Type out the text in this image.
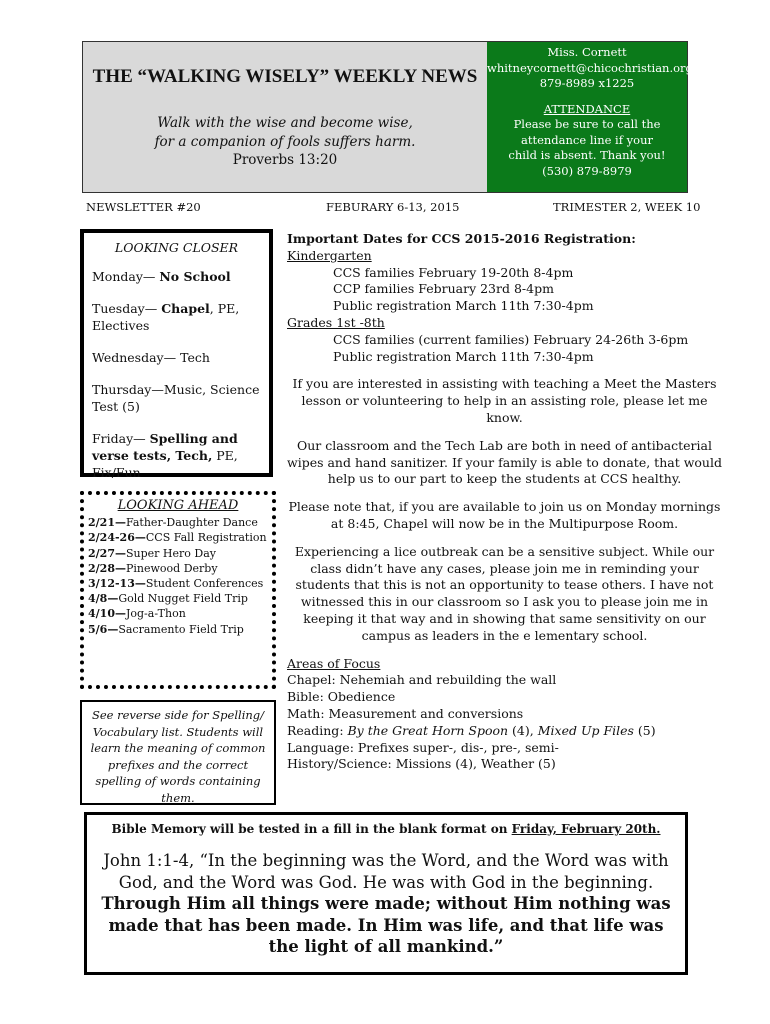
THE “WALKING WISELY” WEEKLY NEWS
Walk with the wise and become wise,
for a companion of fools suffers harm.
Proverbs 13:20
Miss. Cornett
whitneycornett@chicochristian.org
879-8989 x1225
ATTENDANCE
Please be sure to call the
attendance line if your
child is absent. Thank you!
(530) 879-8979
NEWSLETTER #20	FEBURARY 6-13, 2015	TRIMESTER 2, WEEK 10
LOOKING CLOSER
Monday— No School
Tuesday— Chapel, PE, Electives
Wednesday— Tech
Thursday—Music, Science Test (5)
Friday— Spelling and verse tests, Tech, PE, Fix/Fun
LOOKING AHEAD
2/21—Father-Daughter Dance
2/24-26—CCS Fall Registration
2/27—Super Hero Day
2/28—Pinewood Derby
3/12-13—Student Conferences
4/8—Gold Nugget Field Trip
4/10—Jog-a-Thon
5/6—Sacramento Field Trip
See reverse side for Spelling/ Vocabulary list. Students will learn the meaning of common prefixes and the correct spelling of words containing them.
Important Dates for CCS 2015-2016 Registration:
Kindergarten
CCS families February 19-20th 8-4pm
CCP families February 23rd 8-4pm
Public registration March 11th 7:30-4pm
Grades 1st -8th
CCS families (current families) February 24-26th 3-6pm
Public registration March 11th 7:30-4pm
If you are interested in assisting with teaching a Meet the Masters lesson or volunteering to help in an assisting role, please let me know.
Our classroom and the Tech Lab are both in need of antibacterial wipes and hand sanitizer. If your family is able to donate, that would help us to our part to keep the students at CCS healthy.
Please note that, if you are available to join us on Monday mornings at 8:45, Chapel will now be in the Multipurpose Room.
Experiencing a lice outbreak can be a sensitive subject. While our class didn’t have any cases, please join me in reminding your students that this is not an opportunity to tease others. I have not witnessed this in our classroom so I ask you to please join me in keeping it that way and in showing that same sensitivity on our campus as leaders in the e lementary school.
Areas of Focus
Chapel: Nehemiah and rebuilding the wall
Bible: Obedience
Math: Measurement and conversions
Reading: By the Great Horn Spoon (4), Mixed Up Files (5)
Language: Prefixes super-, dis-, pre-, semi-
History/Science: Missions (4), Weather (5)
Bible Memory will be tested in a fill in the blank format on Friday, February 20th.
John 1:1-4, “In the beginning was the Word, and the Word was with God, and the Word was God. He was with God in the beginning. Through Him all things were made; without Him nothing was made that has been made. In Him was life, and that life was the light of all mankind.”
